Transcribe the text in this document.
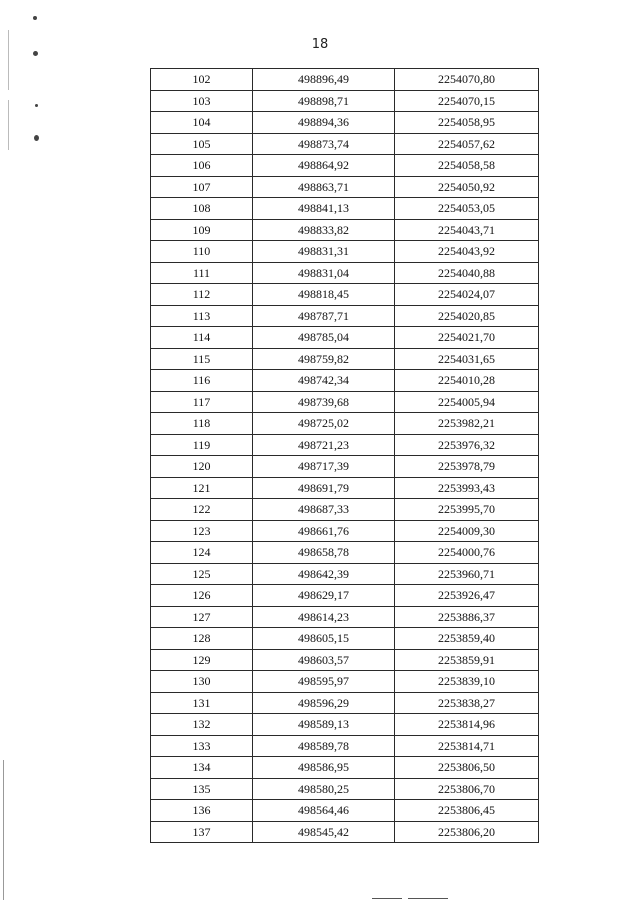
18
102	498896,49	2254070,80
103	498898,71	2254070,15
104	498894,36	2254058,95
105	498873,74	2254057,62
106	498864,92	2254058,58
107	498863,71	2254050,92
108	498841,13	2254053,05
109	498833,82	2254043,71
110	498831,31	2254043,92
111	498831,04	2254040,88
112	498818,45	2254024,07
113	498787,71	2254020,85
114	498785,04	2254021,70
115	498759,82	2254031,65
116	498742,34	2254010,28
117	498739,68	2254005,94
118	498725,02	2253982,21
119	498721,23	2253976,32
120	498717,39	2253978,79
121	498691,79	2253993,43
122	498687,33	2253995,70
123	498661,76	2254009,30
124	498658,78	2254000,76
125	498642,39	2253960,71
126	498629,17	2253926,47
127	498614,23	2253886,37
128	498605,15	2253859,40
129	498603,57	2253859,91
130	498595,97	2253839,10
131	498596,29	2253838,27
132	498589,13	2253814,96
133	498589,78	2253814,71
134	498586,95	2253806,50
135	498580,25	2253806,70
136	498564,46	2253806,45
137	498545,42	2253806,20
